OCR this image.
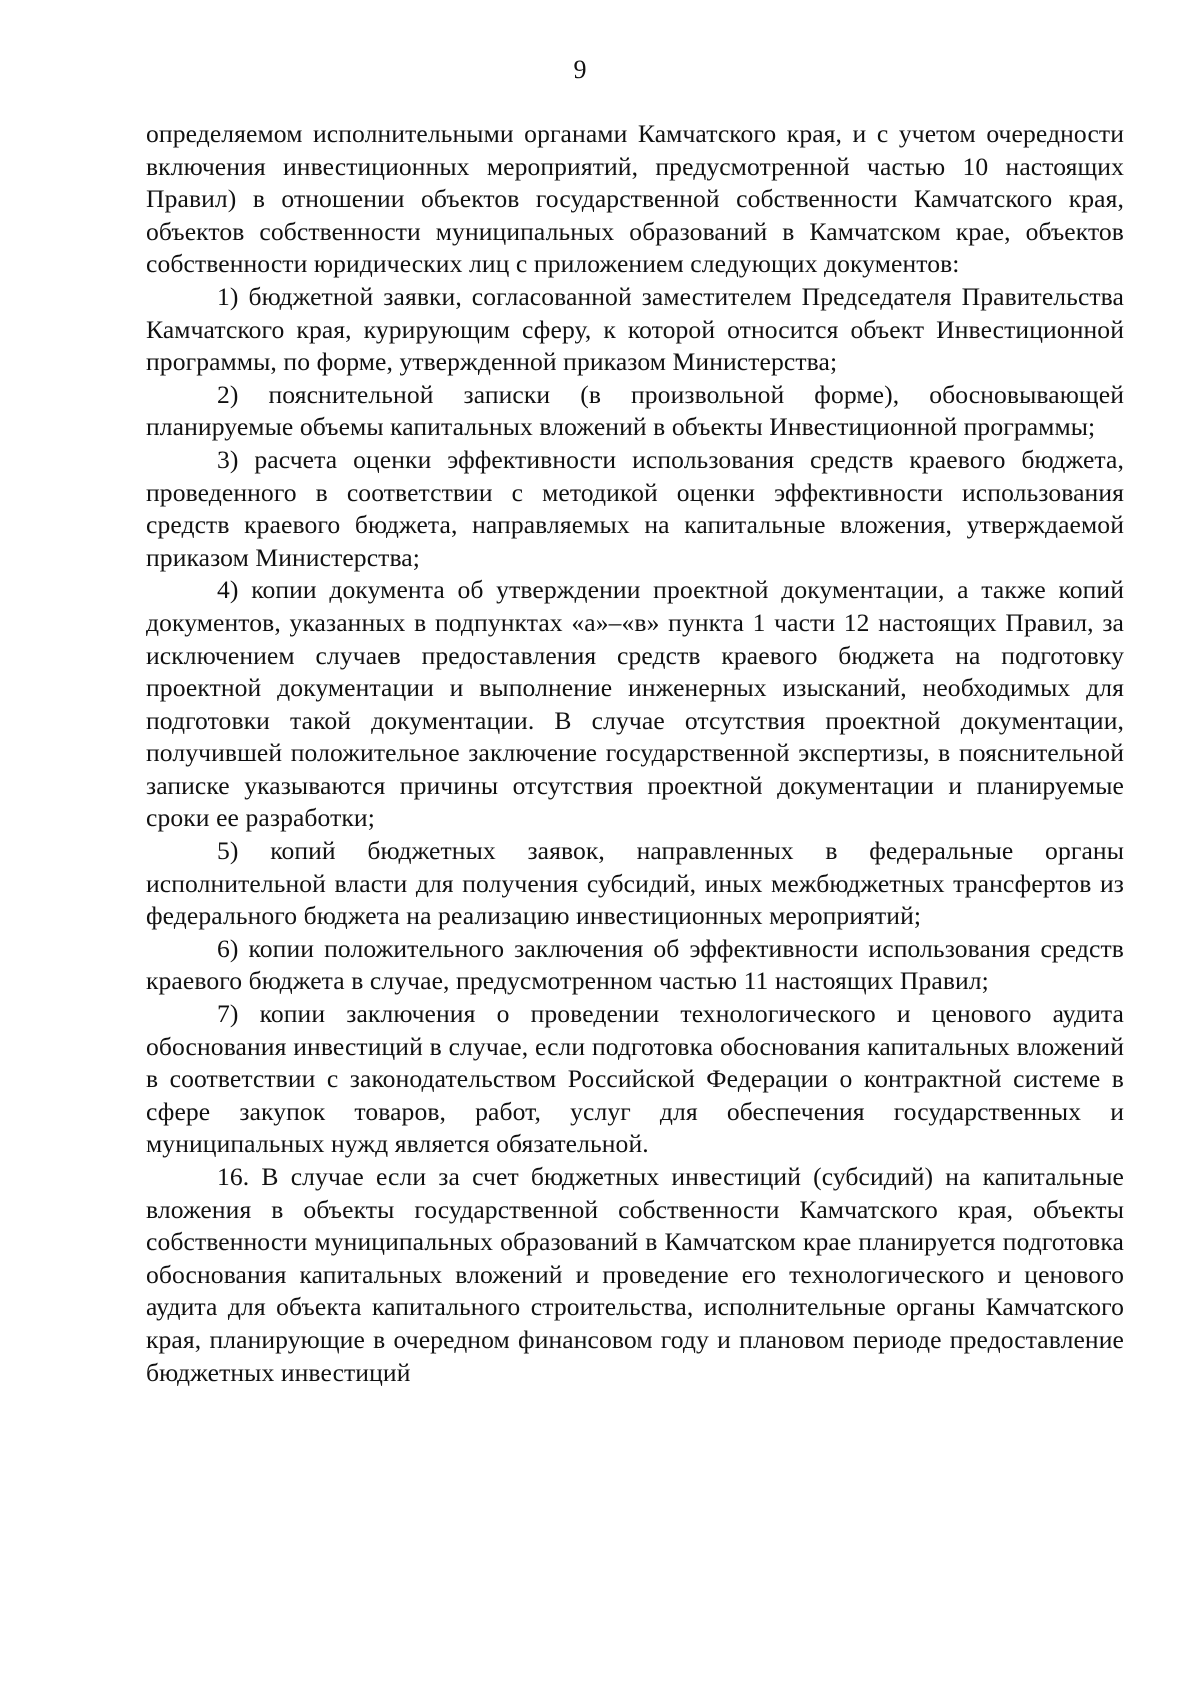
9

определяемом исполнительными органами Камчатского края, и с учетом очередности включения инвестиционных мероприятий, предусмотренной частью 10 настоящих Правил) в отношении объектов государственной собственности Камчатского края, объектов собственности муниципальных образований в Камчатском крае, объектов собственности юридических лиц с приложением следующих документов:

1) бюджетной заявки, согласованной заместителем Председателя Правительства Камчатского края, курирующим сферу, к которой относится объект Инвестиционной программы, по форме, утвержденной приказом Министерства;

2) пояснительной записки (в произвольной форме), обосновывающей планируемые объемы капитальных вложений в объекты Инвестиционной программы;

3) расчета оценки эффективности использования средств краевого бюджета, проведенного в соответствии с методикой оценки эффективности использования средств краевого бюджета, направляемых на капитальные вложения, утверждаемой приказом Министерства;

4) копии документа об утверждении проектной документации, а также копий документов, указанных в подпунктах «а»–«в» пункта 1 части 12 настоящих Правил, за исключением случаев предоставления средств краевого бюджета на подготовку проектной документации и выполнение инженерных изысканий, необходимых для подготовки такой документации. В случае отсутствия проектной документации, получившей положительное заключение государственной экспертизы, в пояснительной записке указываются причины отсутствия проектной документации и планируемые сроки ее разработки;

5) копий бюджетных заявок, направленных в федеральные органы исполнительной власти для получения субсидий, иных межбюджетных трансфертов из федерального бюджета на реализацию инвестиционных мероприятий;

6) копии положительного заключения об эффективности использования средств краевого бюджета в случае, предусмотренном частью 11 настоящих Правил;

7) копии заключения о проведении технологического и ценового аудита обоснования инвестиций в случае, если подготовка обоснования капитальных вложений в соответствии с законодательством Российской Федерации о контрактной системе в сфере закупок товаров, работ, услуг для обеспечения государственных и муниципальных нужд является обязательной.

16. В случае если за счет бюджетных инвестиций (субсидий) на капитальные вложения в объекты государственной собственности Камчатского края, объекты собственности муниципальных образований в Камчатском крае планируется подготовка обоснования капитальных вложений и проведение его технологического и ценового аудита для объекта капитального строительства, исполнительные органы Камчатского края, планирующие в очередном финансовом году и плановом периоде предоставление бюджетных инвестиций
